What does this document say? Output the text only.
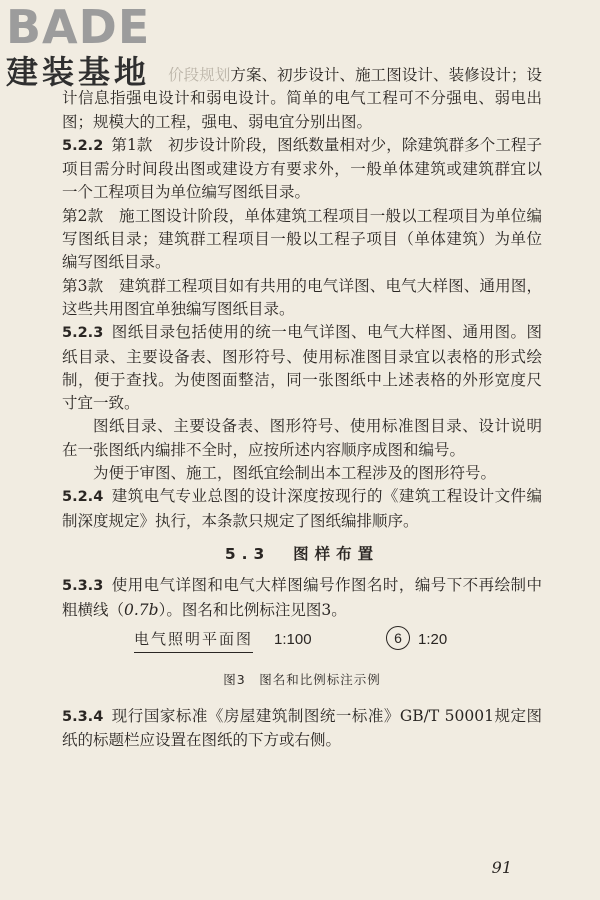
BADE
建装基地	价段规划方案、初步设计、施工图设计、装修设计；设计信息指强电设计和弱电设计。简单的电气工程可不分强电、弱电出图；规模大的工程，强电、弱电宜分别出图。

5.2.2 第1款　初步设计阶段，图纸数量相对少，除建筑群多个工程子项目需分时间段出图或建设方有要求外，一般单体建筑或建筑群宜以一个工程项目为单位编写图纸目录。

第2款　施工图设计阶段，单体建筑工程项目一般以工程项目为单位编写图纸目录；建筑群工程项目一般以工程子项目（单体建筑）为单位编写图纸目录。

第3款　建筑群工程项目如有共用的电气详图、电气大样图、通用图，这些共用图宜单独编写图纸目录。

5.2.3 图纸目录包括使用的统一电气详图、电气大样图、通用图。图纸目录、主要设备表、图形符号、使用标准图目录宜以表格的形式绘制，便于查找。为使图面整洁，同一张图纸中上述表格的外形宽度尺寸宜一致。

图纸目录、主要设备表、图形符号、使用标准图目录、设计说明在一张图纸内编排不全时，应按所述内容顺序成图和编号。

为便于审图、施工，图纸宜绘制出本工程涉及的图形符号。

5.2.4 建筑电气专业总图的设计深度按现行的《建筑工程设计文件编制深度规定》执行，本条款只规定了图纸编排顺序。

5.3 图样布置

5.3.3 使用电气详图和电气大样图编号作图名时，编号下不再绘制中粗横线（0.7b）。图名和比例标注见图3。

电气照明平面图 1:100	6	1:20

图3　图名和比例标注示例

5.3.4 现行国家标准《房屋建筑制图统一标准》GB/T 50001规定图纸的标题栏应设置在图纸的下方或右侧。

91
